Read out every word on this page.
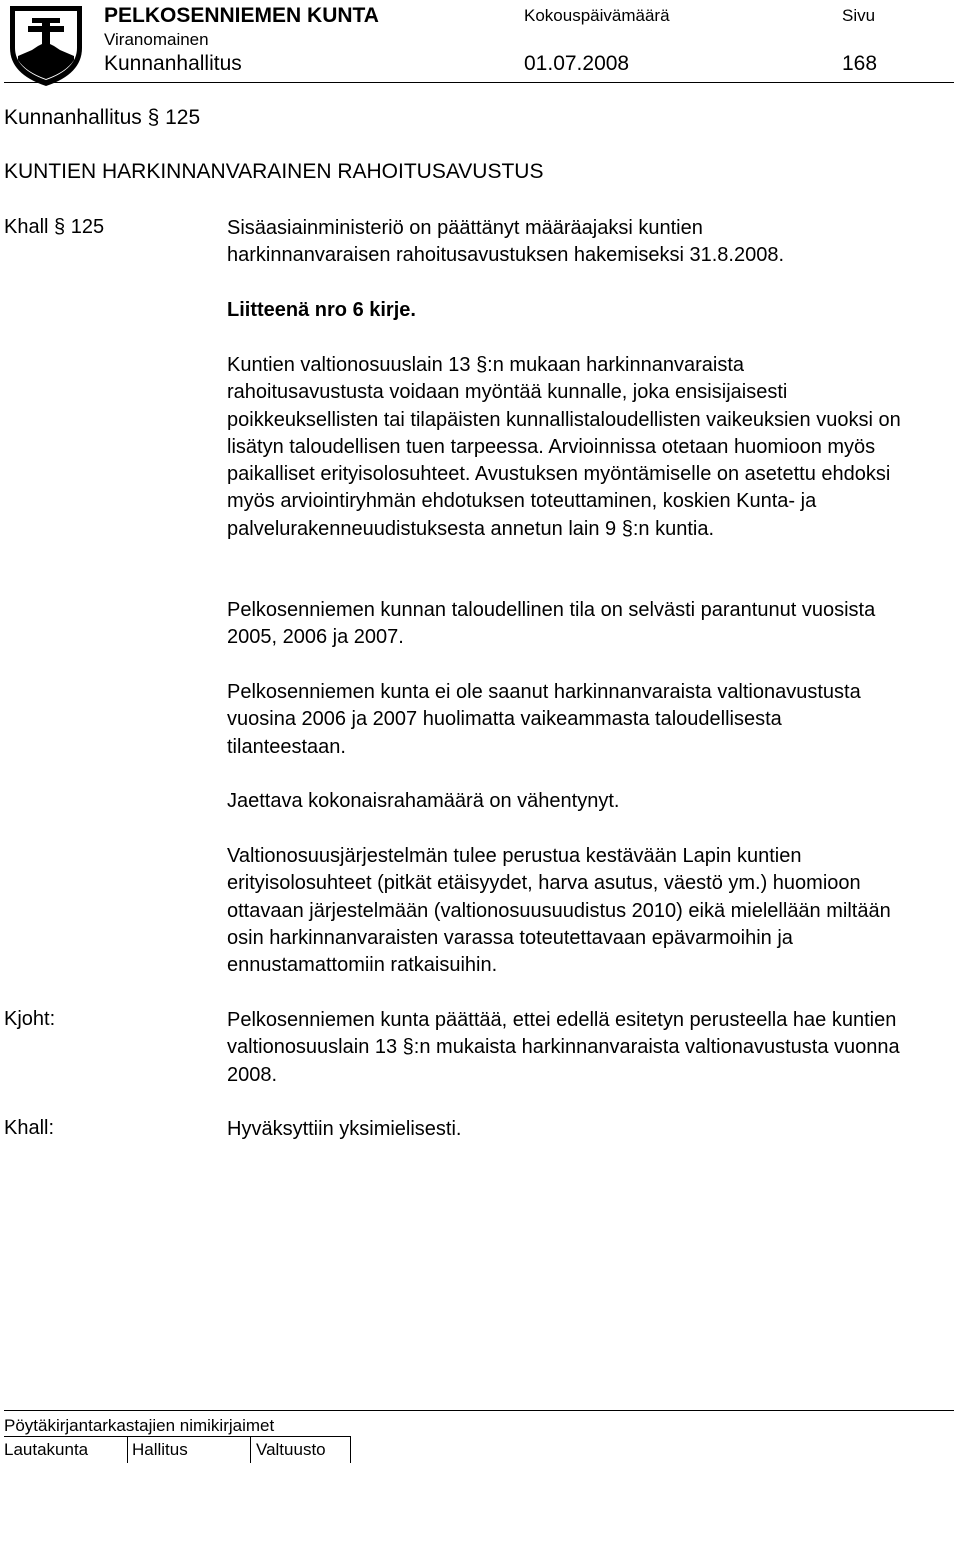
PELKOSENNIEMEN KUNTA
Viranomainen
Kunnanhallitus
Kokouspäivämäärä
01.07.2008
Sivu
168
Kunnanhallitus § 125
KUNTIEN HARKINNANVARAINEN RAHOITUSAVUSTUS
Khall § 125	Sisäasiainministeriö on päättänyt määräajaksi kuntien harkinnanvaraisen rahoitusavustuksen hakemiseksi 31.8.2008.

Liitteenä nro 6 kirje.

Kuntien valtionosuuslain 13 §:n mukaan harkinnanvaraista rahoitusavustusta voidaan myöntää kunnalle, joka ensisijaisesti poikkeuksellisten tai tilapäisten kunnallistaloudellisten vaikeuksien vuoksi on lisätyn taloudellisen tuen tarpeessa. Arvioinnissa otetaan huomioon myös paikalliset erityisolosuhteet. Avustuksen myöntämiselle on asetettu ehdoksi myös arviointiryhmän ehdotuksen toteuttaminen, koskien Kunta- ja palvelurakenneuudistuksesta annetun lain 9 §:n kuntia.

Pelkosenniemen kunnan taloudellinen tila on selvästi parantunut vuosista 2005, 2006 ja 2007.

Pelkosenniemen kunta ei ole saanut harkinnanvaraista valtionavustusta vuosina 2006 ja 2007 huolimatta vaikeammasta taloudellisesta tilanteestaan.

Jaettava kokonaisrahamäärä on vähentynyt.

Valtionosuusjärjestelmän tulee perustua kestävään Lapin kuntien erityisolosuhteet (pitkät etäisyydet, harva asutus, väestö ym.) huomioon ottavaan järjestelmään (valtionosuusuudistus 2010) eikä mielellään miltään osin harkinnanvaraisten varassa toteutettavaan epävarmoihin ja ennustamattomiin ratkaisuihin.

Kjoht:	Pelkosenniemen kunta päättää, ettei edellä esitetyn perusteella hae kuntien valtionosuuslain 13 §:n mukaista harkinnanvaraista valtionavustusta vuonna 2008.

Khall:	Hyväksyttiin yksimielisesti.

Pöytäkirjantarkastajien nimikirjaimet
Lautakunta	Hallitus	Valtuusto
